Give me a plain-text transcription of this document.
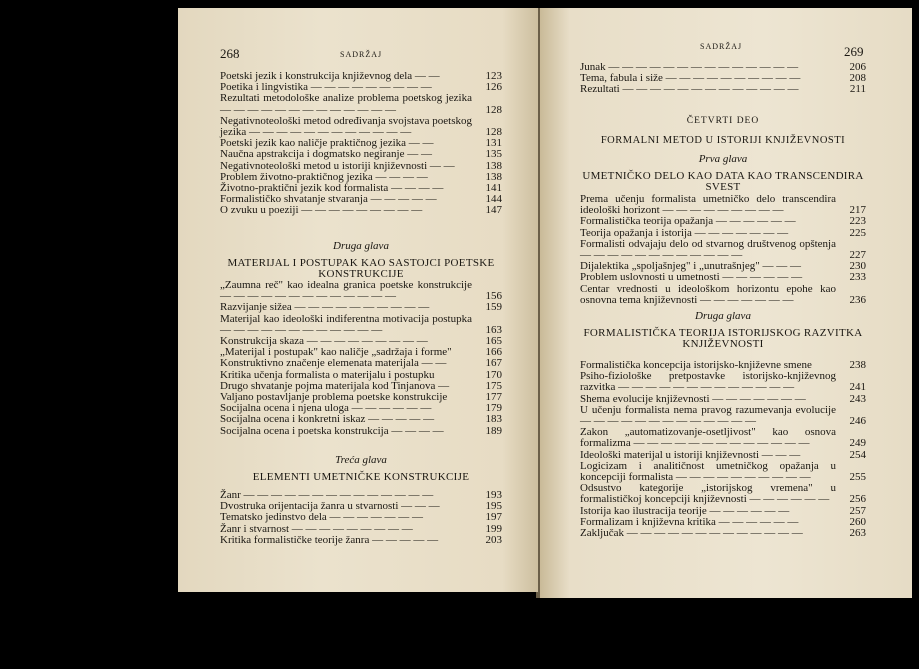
268	SADRŽAJ
Poetski jezik i konstrukcija književnog dela — —	123
Poetika i lingvistika — — — — — — — — —	126
Rezultati metodološke analize problema poetskog jezika — — — — — — — — — — — — —	128
Negativnoteološki metod određivanja svojstava poetskog jezika — — — — — — — — — — — —	128
Poetski jezik kao naličje praktičnog jezika — —	131
Naučna apstrakcija i dogmatsko negiranje — —	135
Negativnoteološki metod u istoriji književnosti — —	138
Problem životno-praktičnog jezika — — — —	138
Životno-praktični jezik kod formalista — — — —	141
Formalističko shvatanje stvaranja — — — — —	144
O zvuku u poeziji — — — — — — — — —	147
Druga glava
MATERIJAL I POSTUPAK KAO SASTOJCI POETSKE KONSTRUKCIJE
„Zaumna reč" kao idealna granica poetske konstrukcije — — — — — — — — — — — — —	156
Razvijanje sižea — — — — — — — — — —	159
Materijal kao ideološki indiferentna motivacija postupka — — — — — — — — — — — —	163
Konstrukcija skaza — — — — — — — — —	165
„Materijal i postupak" kao naličje „sadržaja i forme"	166
Konstruktivno značenje elemenata materijala — —	167
Kritika učenja formalista o materijalu i postupku	170
Drugo shvatanje pojma materijala kod Tinjanova —	175
Valjano postavljanje problema poetske konstrukcije	177
Socijalna ocena i njena uloga — — — — — —	179
Socijalna ocena i konkretni iskaz — — — — —	183
Socijalna ocena i poetska konstrukcija — — — —	189
Treća glava
ELEMENTI UMETNIČKE KONSTRUKCIJE
Žanr — — — — — — — — — — — — — —	193
Dvostruka orijentacija žanra u stvarnosti — — —	195
Tematsko jedinstvo dela — — — — — — —	197
Žanr i stvarnost — — — — — — — — —	199
Kritika formalističke teorije žanra — — — — —	203
SADRŽAJ	269
Junak — — — — — — — — — — — — — —	206
Tema, fabula i siže — — — — — — — — — —	208
Rezultati — — — — — — — — — — — — —	211
ČETVRTI DEO
FORMALNI METOD U ISTORIJI KNJIŽEVNOSTI
Prva glava
UMETNIČKO DELO KAO DATA KAO TRANSCENDIRA SVEST
Prema učenju formalista umetničko delo transcendira ideološki horizont — — — — — — — — —	217
Formalistička teorija opažanja — — — — — —	223
Teorija opažanja i istorija — — — — — — —	225
Formalisti odvajaju delo od stvarnog društvenog opštenja — — — — — — — — — — — —	227
Dijalektika „spoljašnjeg" i „unutrašnjeg" — — —	230
Problem uslovnosti u umetnosti — — — — — —	233
Centar vrednosti u ideološkom horizontu epohe kao osnovna tema književnosti — — — — — — —	236
Druga glava
FORMALISTIČKA TEORIJA ISTORIJSKOG RAZVITKA KNJIŽEVNOSTI
Formalistička koncepcija istorijsko-književne smene	238
Psiho-fiziološke pretpostavke istorijsko-književnog razvitka — — — — — — — — — — — — —	241
Shema evolucije književnosti — — — — — — —	243
U učenju formalista nema pravog razumevanja evolucije — — — — — — — — — — — — —	246
Zakon „automatizovanje-osetljivost" kao osnova formalizma — — — — — — — — — — — — —	249
Ideološki materijal u istoriji književnosti — — —	254
Logicizam i analitičnost umetničkog opažanja u koncepciji formalista — — — — — — — — — —	255
Odsustvo kategorije „istorijskog vremena" u formalističkoj koncepciji književnosti — — — — — —	256
Istorija kao ilustracija teorije — — — — — —	257
Formalizam i književna kritika — — — — — —	260
Zaključak — — — — — — — — — — — — —	263
